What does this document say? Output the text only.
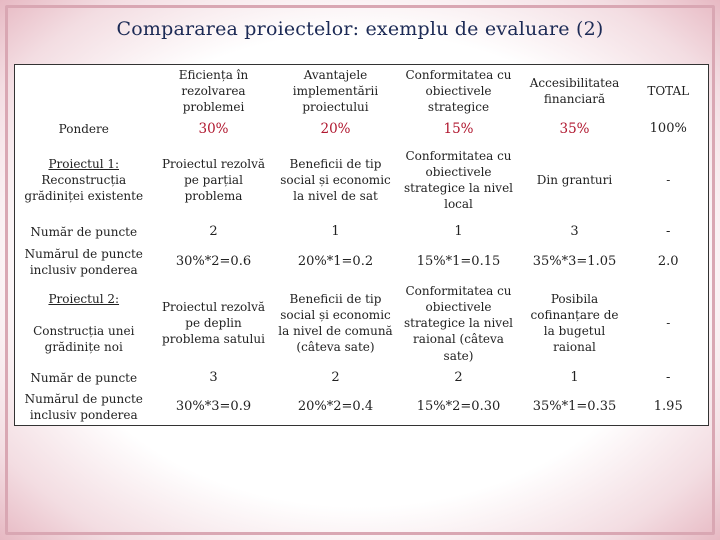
Compararea proiectelor: exemplu de evaluare (2)
	Eficiența în rezolvarea problemei	Avantajele implementării proiectului	Conformitatea cu obiectivele strategice	Accesibilitatea financiară	TOTAL
Pondere	30%	20%	15%	35%	100%
Proiectul 1:
Reconstrucția grădiniței existente	Proiectul rezolvă pe parțial problema	Beneficii de tip social și economic la nivel de sat	Conformitatea cu obiectivele strategice la nivel local	Din granturi	-
Număr de puncte	2	1	1	3	-
Numărul de puncte inclusiv ponderea	30%*2=0.6	20%*1=0.2	15%*1=0.15	35%*3=1.05	2.0
Proiectul 2:

Construcția unei grădinițe noi	Proiectul rezolvă pe deplin problema satului	Beneficii de tip social și economic la nivel de comună (câteva sate)	Conformitatea cu obiectivele strategice la nivel raional (câteva sate)	Posibila cofinanțare de la bugetul raional	-
Număr de puncte	3	2	2	1	-
Numărul de puncte inclusiv ponderea	30%*3=0.9	20%*2=0.4	15%*2=0.30	35%*1=0.35	1.95
